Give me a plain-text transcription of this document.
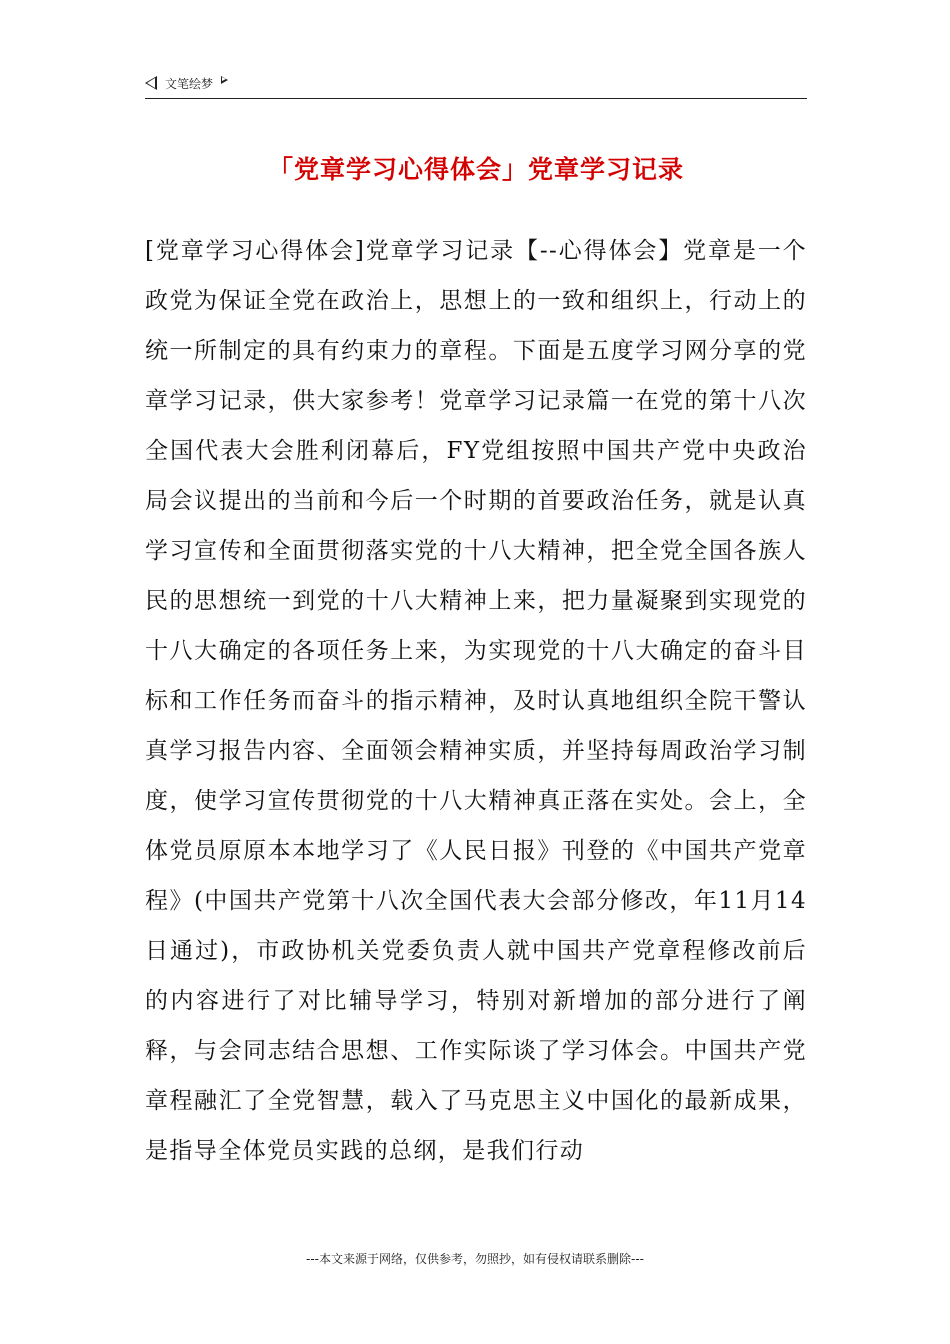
文笔绘梦
「党章学习心得体会」党章学习记录

[党章学习心得体会]党章学习记录【--心得体会】党章是一个政党为保证全党在政治上，思想上的一致和组织上，行动上的统一所制定的具有约束力的章程。下面是五度学习网分享的党章学习记录，供大家参考！党章学习记录篇一在党的第十八次全国代表大会胜利闭幕后，FY党组按照中国共产党中央政治局会议提出的当前和今后一个时期的首要政治任务，就是认真学习宣传和全面贯彻落实党的十八大精神，把全党全国各族人民的思想统一到党的十八大精神上来，把力量凝聚到实现党的十八大确定的各项任务上来，为实现党的十八大确定的奋斗目标和工作任务而奋斗的指示精神，及时认真地组织全院干警认真学习报告内容、全面领会精神实质，并坚持每周政治学习制度，使学习宣传贯彻党的十八大精神真正落在实处。会上，全体党员原原本本地学习了《人民日报》刊登的《中国共产党章程》(中国共产党第十八次全国代表大会部分修改，年11月14日通过)，市政协机关党委负责人就中国共产党章程修改前后的内容进行了对比辅导学习，特别对新增加的部分进行了阐释，与会同志结合思想、工作实际谈了学习体会。中国共产党章程融汇了全党智慧，载入了马克思主义中国化的最新成果，是指导全体党员实践的总纲，是我们行动

---本文来源于网络，仅供参考，勿照抄，如有侵权请联系删除---
